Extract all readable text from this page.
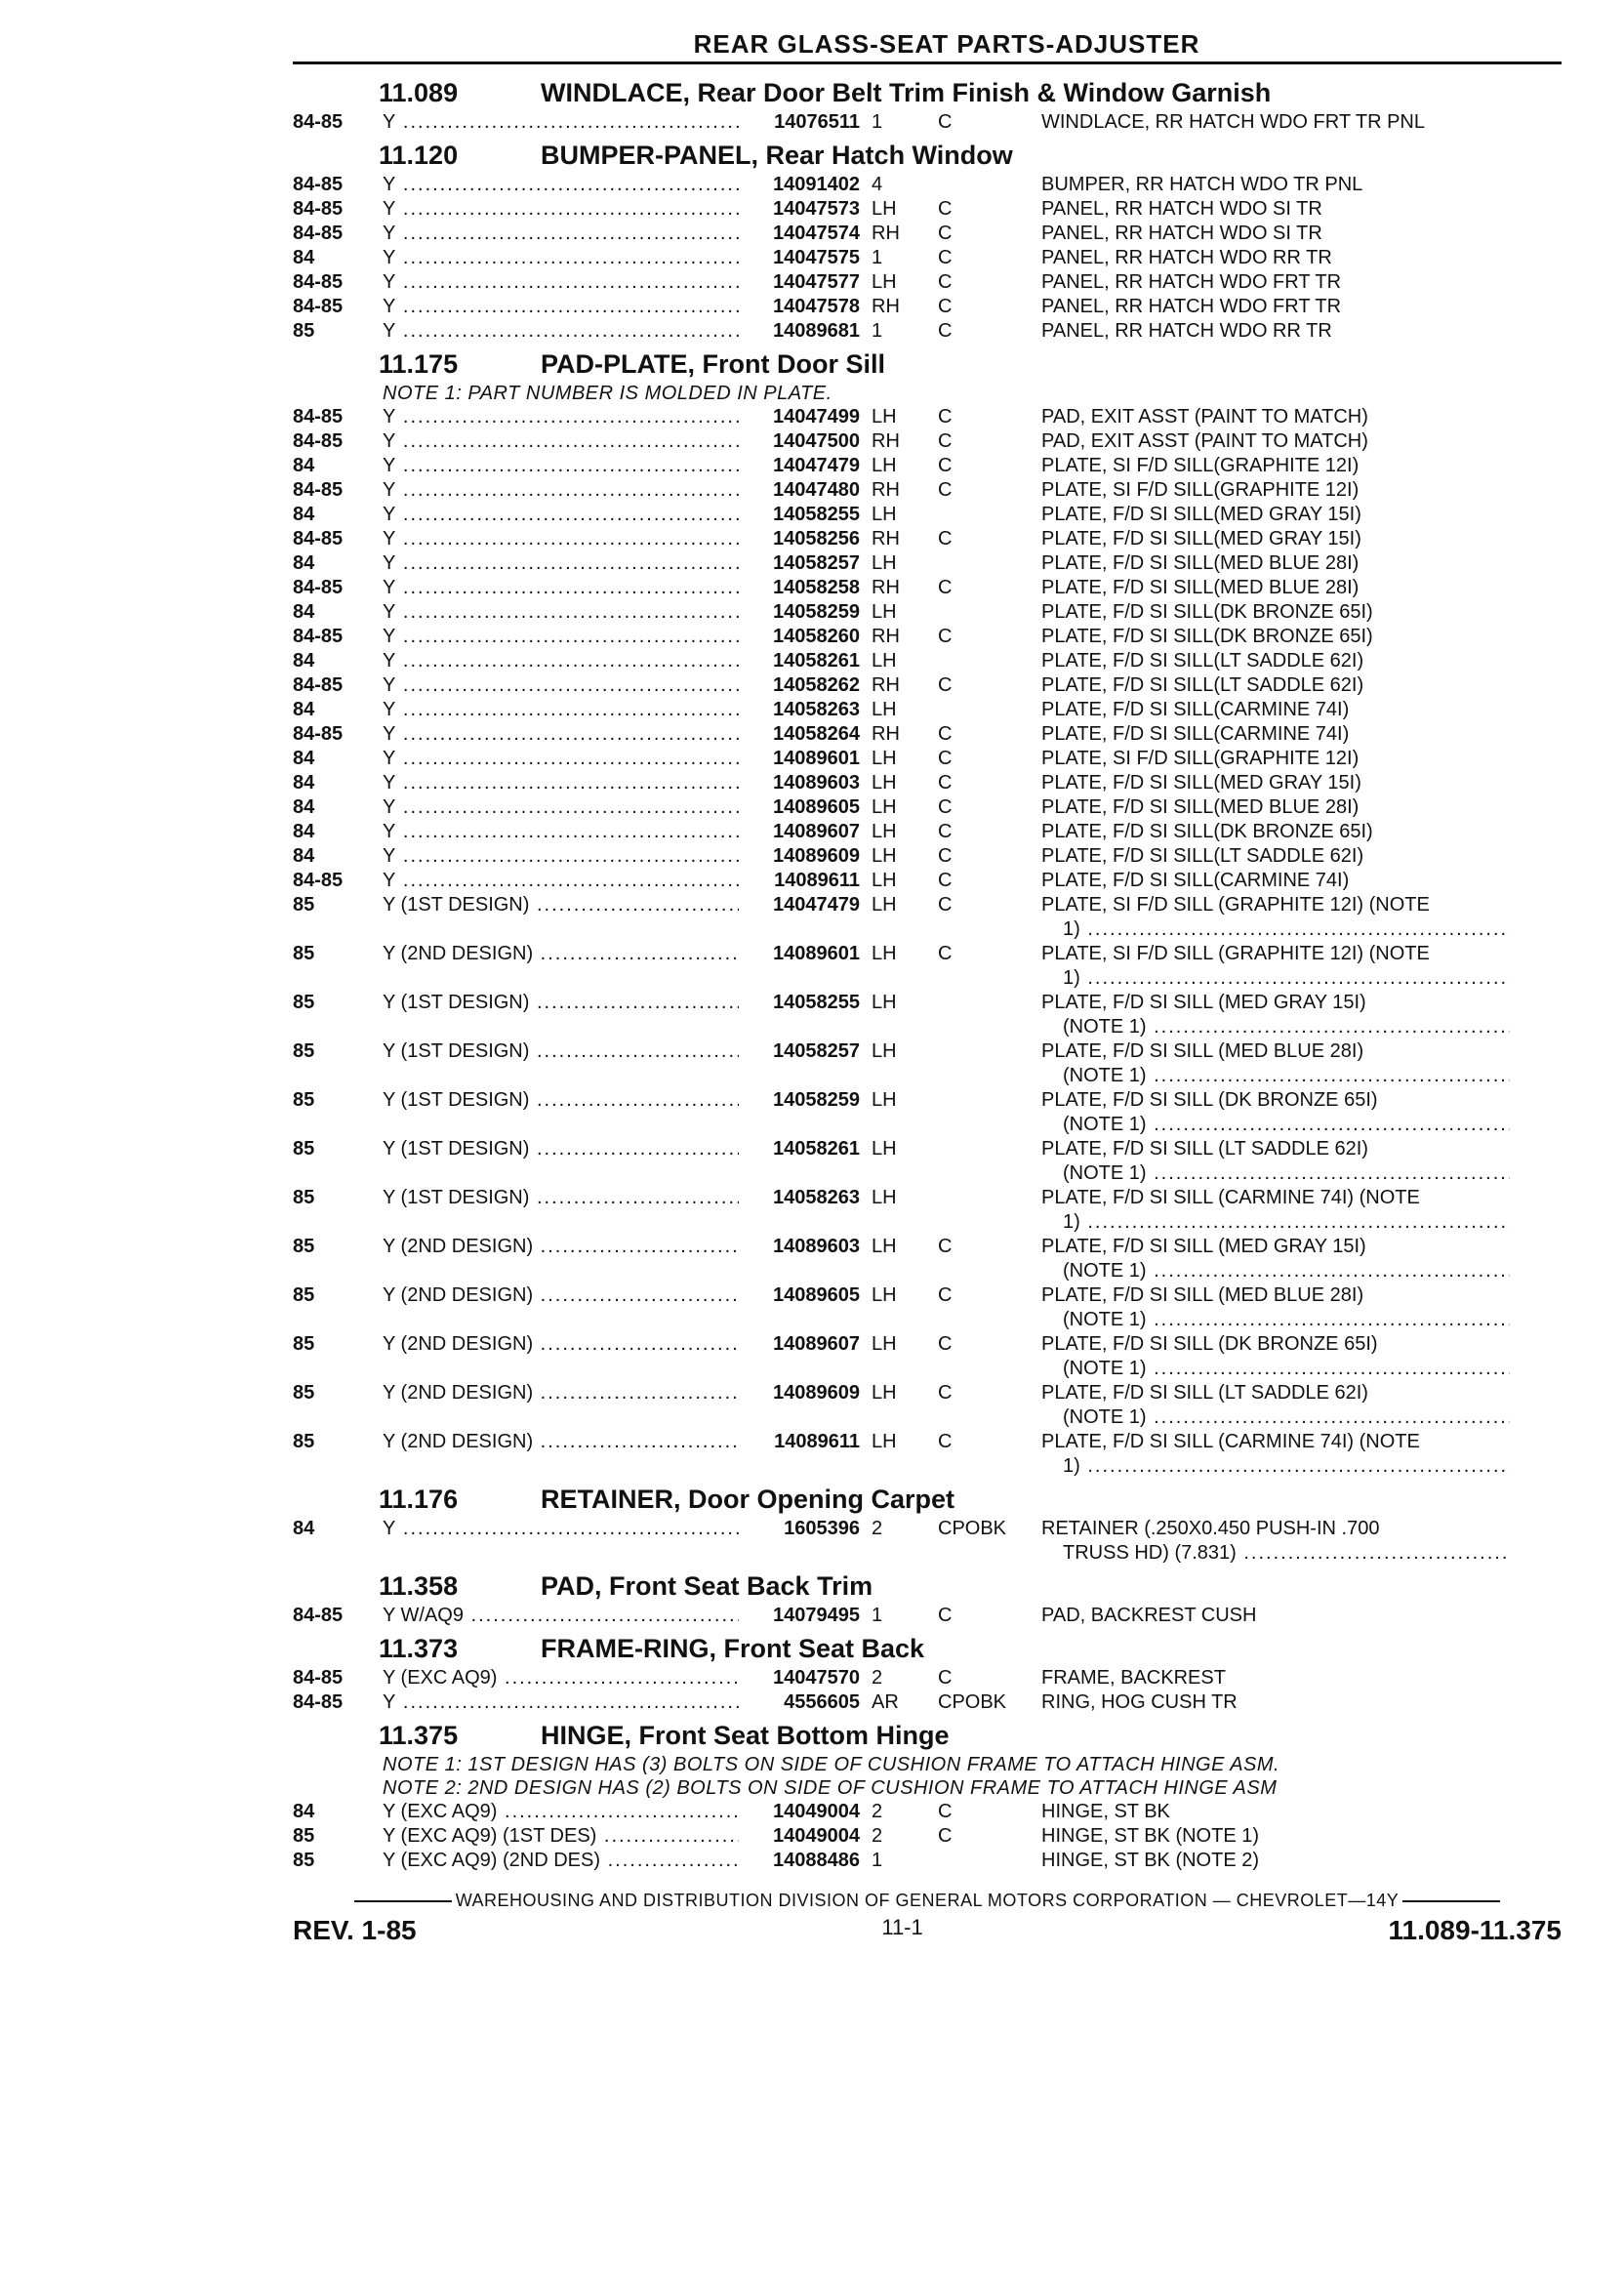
REAR GLASS-SEAT PARTS-ADJUSTER
11.089	WINDLACE, Rear Door Belt Trim Finish & Window Garnish
84-85	Y .....	14076511 1	C	WINDLACE, RR HATCH WDO FRT TR PNL
11.120	BUMPER-PANEL, Rear Hatch Window
84-85	Y .....	14091402 4	BUMPER, RR HATCH WDO TR PNL
84-85	Y .....	14047573 LH	C	PANEL, RR HATCH WDO SI TR
84-85	Y .....	14047574 RH	C	PANEL, RR HATCH WDO SI TR
84	Y .....	14047575 1	C	PANEL, RR HATCH WDO RR TR
84-85	Y .....	14047577 LH	C	PANEL, RR HATCH WDO FRT TR
84-85	Y .....	14047578 RH	C	PANEL, RR HATCH WDO FRT TR
85	Y .....	14089681 1	C	PANEL, RR HATCH WDO RR TR
11.175	PAD-PLATE, Front Door Sill
NOTE 1: PART NUMBER IS MOLDED IN PLATE.
84-85	Y .....	14047499 LH	C	PAD, EXIT ASST (PAINT TO MATCH)
84-85	Y .....	14047500 RH	C	PAD, EXIT ASST (PAINT TO MATCH)
84	Y .....	14047479 LH	C	PLATE, SI F/D SILL(GRAPHITE 12I)
84-85	Y .....	14047480 RH	C	PLATE, SI F/D SILL(GRAPHITE 12I)
84	Y .....	14058255 LH	PLATE, F/D SI SILL(MED GRAY 15I)
84-85	Y .....	14058256 RH	C	PLATE, F/D SI SILL(MED GRAY 15I)
84	Y .....	14058257 LH	PLATE, F/D SI SILL(MED BLUE 28I)
84-85	Y .....	14058258 RH	C	PLATE, F/D SI SILL(MED BLUE 28I)
84	Y .....	14058259 LH	PLATE, F/D SI SILL(DK BRONZE 65I)
84-85	Y .....	14058260 RH	C	PLATE, F/D SI SILL(DK BRONZE 65I)
84	Y .....	14058261 LH	PLATE, F/D SI SILL(LT SADDLE 62I)
84-85	Y .....	14058262 RH	C	PLATE, F/D SI SILL(LT SADDLE 62I)
84	Y .....	14058263 LH	PLATE, F/D SI SILL(CARMINE 74I)
84-85	Y .....	14058264 RH	C	PLATE, F/D SI SILL(CARMINE 74I)
84	Y .....	14089601 LH	C	PLATE, SI F/D SILL(GRAPHITE 12I)
84	Y .....	14089603 LH	C	PLATE, F/D SI SILL(MED GRAY 15I)
84	Y .....	14089605 LH	C	PLATE, F/D SI SILL(MED BLUE 28I)
84	Y .....	14089607 LH	C	PLATE, F/D SI SILL(DK BRONZE 65I)
84	Y .....	14089609 LH	C	PLATE, F/D SI SILL(LT SADDLE 62I)
84-85	Y .....	14089611 LH	C	PLATE, F/D SI SILL(CARMINE 74I)
85	Y (1ST DESIGN) .....	14047479 LH	C	PLATE, SI F/D SILL (GRAPHITE 12I) (NOTE
1) .....
85	Y (2ND DESIGN) .....	14089601 LH	C	PLATE, SI F/D SILL (GRAPHITE 12I) (NOTE
1) .....
85	Y (1ST DESIGN) .....	14058255 LH	PLATE, F/D SI SILL (MED GRAY 15I)
(NOTE 1) .....
85	Y (1ST DESIGN) .....	14058257 LH	PLATE, F/D SI SILL (MED BLUE 28I)
(NOTE 1) .....
85	Y (1ST DESIGN) .....	14058259 LH	PLATE, F/D SI SILL (DK BRONZE 65I)
(NOTE 1) .....
85	Y (1ST DESIGN) .....	14058261 LH	PLATE, F/D SI SILL (LT SADDLE 62I)
(NOTE 1) .....
85	Y (1ST DESIGN) .....	14058263 LH	PLATE, F/D SI SILL (CARMINE 74I) (NOTE
1) .....
85	Y (2ND DESIGN) .....	14089603 LH	C	PLATE, F/D SI SILL (MED GRAY 15I)
(NOTE 1) .....
85	Y (2ND DESIGN) .....	14089605 LH	C	PLATE, F/D SI SILL (MED BLUE 28I)
(NOTE 1) .....
85	Y (2ND DESIGN) .....	14089607 LH	C	PLATE, F/D SI SILL (DK BRONZE 65I)
(NOTE 1) .....
85	Y (2ND DESIGN) .....	14089609 LH	C	PLATE, F/D SI SILL (LT SADDLE 62I)
(NOTE 1) .....
85	Y (2ND DESIGN) .....	14089611 LH	C	PLATE, F/D SI SILL (CARMINE 74I) (NOTE
1) .....
11.176	RETAINER, Door Opening Carpet
84	Y .....	1605396 2	CPOBK	RETAINER (.250X0.450 PUSH-IN .700
TRUSS HD) (7.831) .....
11.358	PAD, Front Seat Back Trim
84-85	Y W/AQ9 .....	14079495 1	C	PAD, BACKREST CUSH
11.373	FRAME-RING, Front Seat Back
84-85	Y (EXC AQ9) .....	14047570 2	C	FRAME, BACKREST
84-85	Y .....	4556605 AR	CPOBK	RING, HOG CUSH TR
11.375	HINGE, Front Seat Bottom Hinge
NOTE 1: 1ST DESIGN HAS (3) BOLTS ON SIDE OF CUSHION FRAME TO ATTACH HINGE ASM.
NOTE 2: 2ND DESIGN HAS (2) BOLTS ON SIDE OF CUSHION FRAME TO ATTACH HINGE ASM
84	Y (EXC AQ9) .....	14049004 2	C	HINGE, ST BK
85	Y (EXC AQ9) (1ST DES) .....	14049004 2	C	HINGE, ST BK (NOTE 1)
85	Y (EXC AQ9) (2ND DES) .....	14088486 1	HINGE, ST BK (NOTE 2)
WAREHOUSING AND DISTRIBUTION DIVISION OF GENERAL MOTORS CORPORATION — CHEVROLET—14Y
REV. 1-85	11-1	11.089-11.375
